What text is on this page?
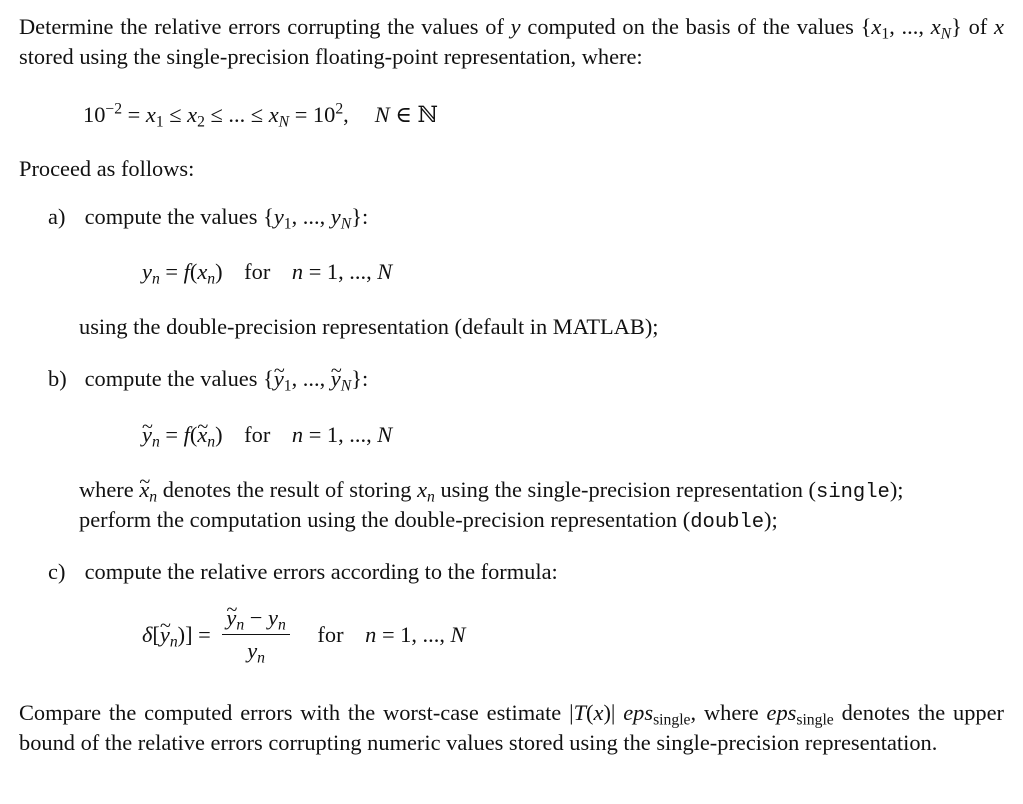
Determine the relative errors corrupting the values of y computed on the basis of the values {$x_1$, ..., $x_N$} of x stored using the single-precision floating-point representation, where:

$10^{-2} = x_1 \le x_2$ ≤ ... ≤ $x_N = 10^2$, N ∈ ℕ
Proceed as follows:
a) compute the values {$y_1$, ..., $y_N$}:
$y_n = f(x_n)$ for n = 1, ..., N
using the double-precision representation (default in MATLAB);
b) compute the values {y $\sim_1$, ..., y $\sim_N$}:
y $\sim_n = f(x$ $\sim_n$) for n = 1, ..., N
where x $\sim_n$ denotes the result of storing $x_n$ using the single-precision representation (single);
perform the computation using the double-precision representation (double);
c) compute the relative errors according to the formula:
δ[y $\sim_n)] = \frac{y \sim_n - y_n}{y_n}$ for n = 1, ..., N

Compare the computed errors with the worst-case estimate |T(x)| eps$_{single}$, where eps$_{single}$ denotes the upper bound of the relative errors corrupting numeric values stored using the single-precision representation.
